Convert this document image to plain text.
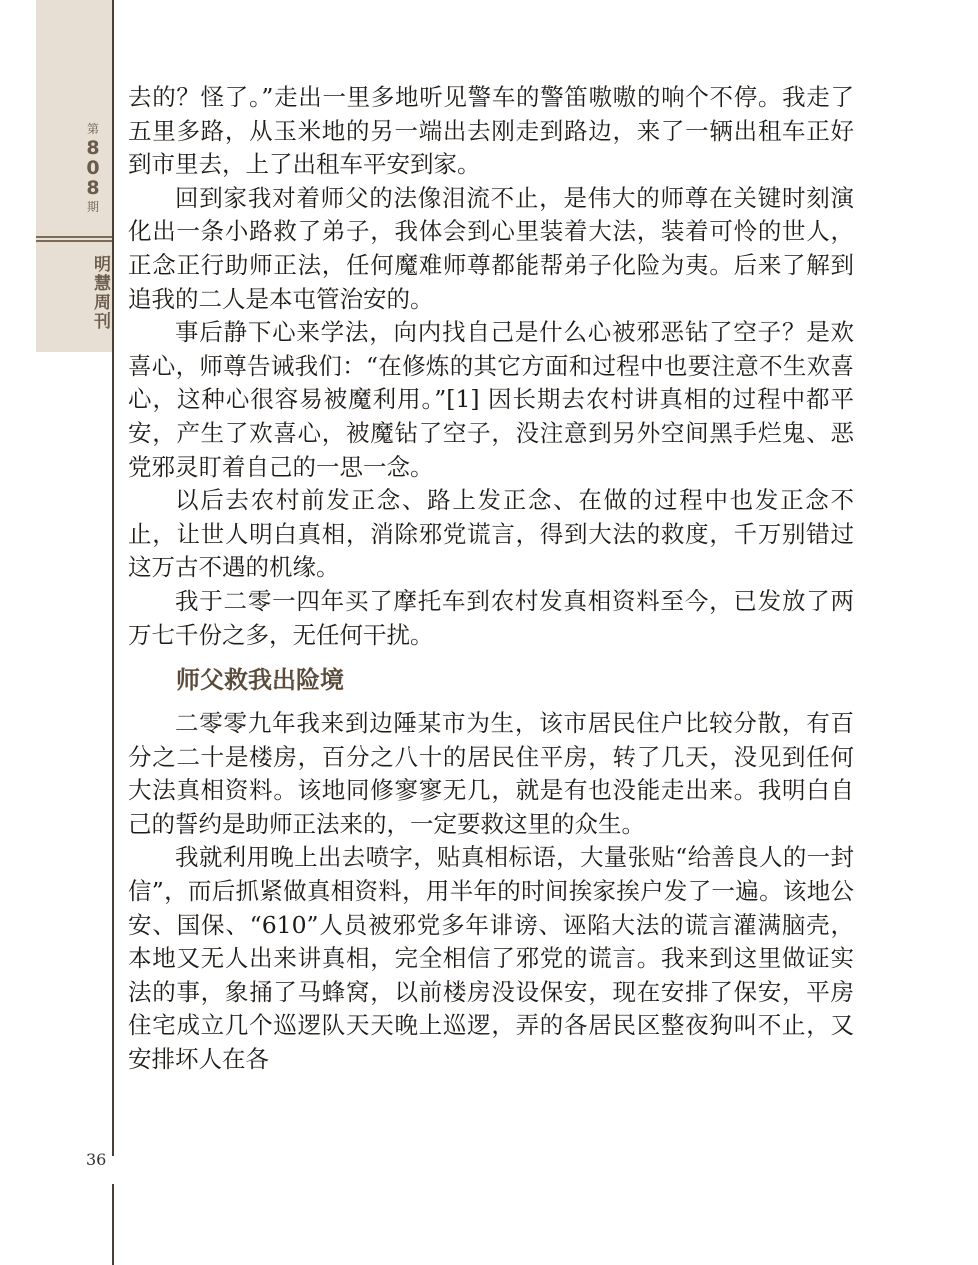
第
808
期
明慧周刊
36

去的？怪了。”走出一里多地听见警车的警笛嗷嗷的响个不停。我走了五里多路，从玉米地的另一端出去刚走到路边，来了一辆出租车正好到市里去，上了出租车平安到家。

回到家我对着师父的法像泪流不止，是伟大的师尊在关键时刻演化出一条小路救了弟子，我体会到心里装着大法，装着可怜的世人，正念正行助师正法，任何魔难师尊都能帮弟子化险为夷。后来了解到追我的二人是本屯管治安的。

事后静下心来学法，向内找自己是什么心被邪恶钻了空子？是欢喜心，师尊告诫我们：“在修炼的其它方面和过程中也要注意不生欢喜心，这种心很容易被魔利用。”[1] 因长期去农村讲真相的过程中都平安，产生了欢喜心，被魔钻了空子，没注意到另外空间黑手烂鬼、恶党邪灵盯着自己的一思一念。

以后去农村前发正念、路上发正念、在做的过程中也发正念不止，让世人明白真相，消除邪党谎言，得到大法的救度，千万别错过这万古不遇的机缘。

我于二零一四年买了摩托车到农村发真相资料至今，已发放了两万七千份之多，无任何干扰。

师父救我出险境

二零零九年我来到边陲某市为生，该市居民住户比较分散，有百分之二十是楼房，百分之八十的居民住平房，转了几天，没见到任何大法真相资料。该地同修寥寥无几，就是有也没能走出来。我明白自己的誓约是助师正法来的，一定要救这里的众生。

我就利用晚上出去喷字，贴真相标语，大量张贴“给善良人的一封信”，而后抓紧做真相资料，用半年的时间挨家挨户发了一遍。该地公安、国保、“610”人员被邪党多年诽谤、诬陷大法的谎言灌满脑壳，本地又无人出来讲真相，完全相信了邪党的谎言。我来到这里做证实法的事，象捅了马蜂窝，以前楼房没设保安，现在安排了保安，平房住宅成立几个巡逻队天天晚上巡逻，弄的各居民区整夜狗叫不止，又安排坏人在各
